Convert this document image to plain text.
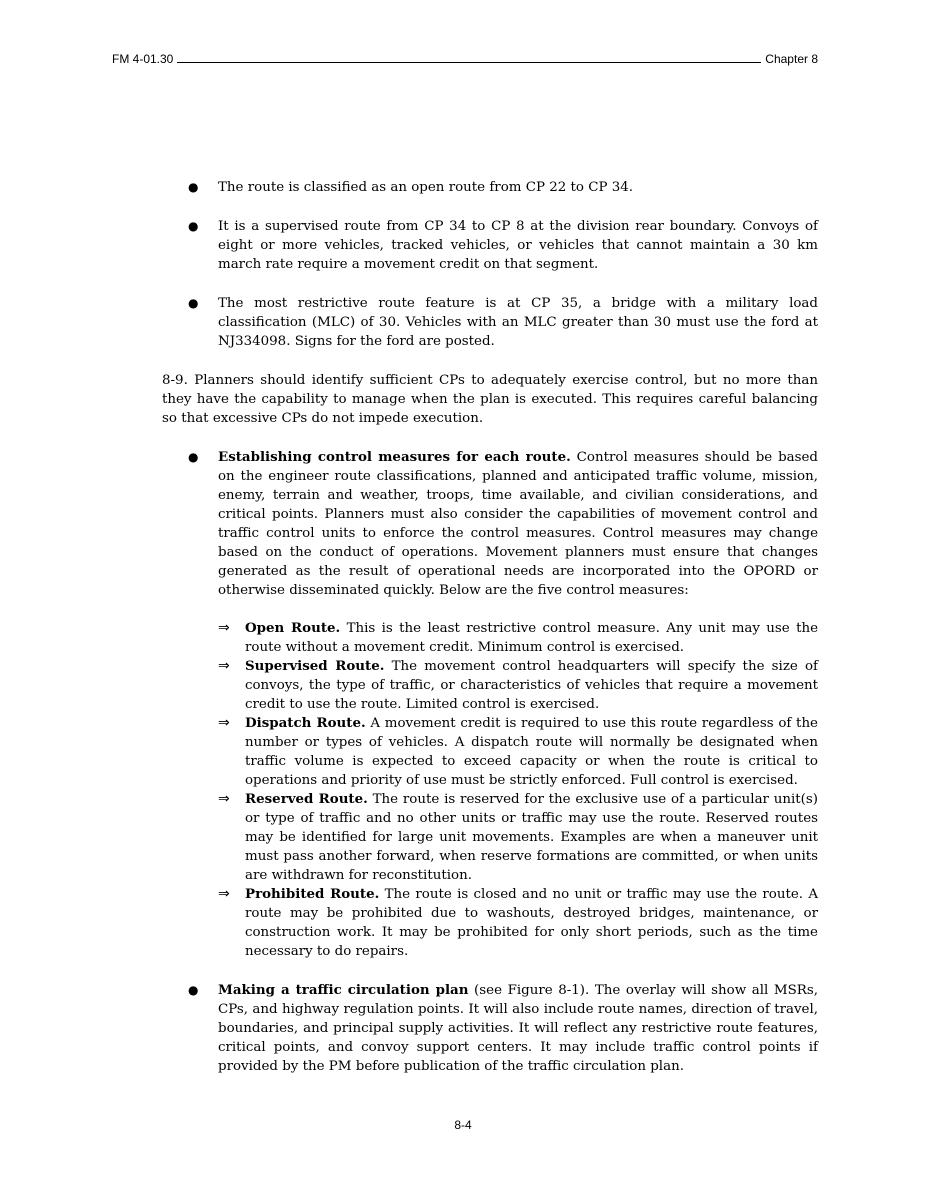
FM 4-01.30	Chapter 8
● The route is classified as an open route from CP 22 to CP 34.
● It is a supervised route from CP 34 to CP 8 at the division rear boundary. Convoys of eight or more vehicles, tracked vehicles, or vehicles that cannot maintain a 30 km march rate require a movement credit on that segment.
● The most restrictive route feature is at CP 35, a bridge with a military load classification (MLC) of 30. Vehicles with an MLC greater than 30 must use the ford at NJ334098. Signs for the ford are posted.

8-9. Planners should identify sufficient CPs to adequately exercise control, but no more than they have the capability to manage when the plan is executed. This requires careful balancing so that excessive CPs do not impede execution.

● Establishing control measures for each route. Control measures should be based on the engineer route classifications, planned and anticipated traffic volume, mission, enemy, terrain and weather, troops, time available, and civilian considerations, and critical points. Planners must also consider the capabilities of movement control and traffic control units to enforce the control measures. Control measures may change based on the conduct of operations. Movement planners must ensure that changes generated as the result of operational needs are incorporated into the OPORD or otherwise disseminated quickly. Below are the five control measures:
⇒ Open Route. This is the least restrictive control measure. Any unit may use the route without a movement credit. Minimum control is exercised.
⇒ Supervised Route. The movement control headquarters will specify the size of convoys, the type of traffic, or characteristics of vehicles that require a movement credit to use the route. Limited control is exercised.
⇒ Dispatch Route. A movement credit is required to use this route regardless of the number or types of vehicles. A dispatch route will normally be designated when traffic volume is expected to exceed capacity or when the route is critical to operations and priority of use must be strictly enforced. Full control is exercised.
⇒ Reserved Route. The route is reserved for the exclusive use of a particular unit(s) or type of traffic and no other units or traffic may use the route. Reserved routes may be identified for large unit movements. Examples are when a maneuver unit must pass another forward, when reserve formations are committed, or when units are withdrawn for reconstitution.
⇒ Prohibited Route. The route is closed and no unit or traffic may use the route. A route may be prohibited due to washouts, destroyed bridges, maintenance, or construction work. It may be prohibited for only short periods, such as the time necessary to do repairs.
● Making a traffic circulation plan (see Figure 8-1). The overlay will show all MSRs, CPs, and highway regulation points. It will also include route names, direction of travel, boundaries, and principal supply activities. It will reflect any restrictive route features, critical points, and convoy support centers. It may include traffic control points if provided by the PM before publication of the traffic circulation plan.
8-4
